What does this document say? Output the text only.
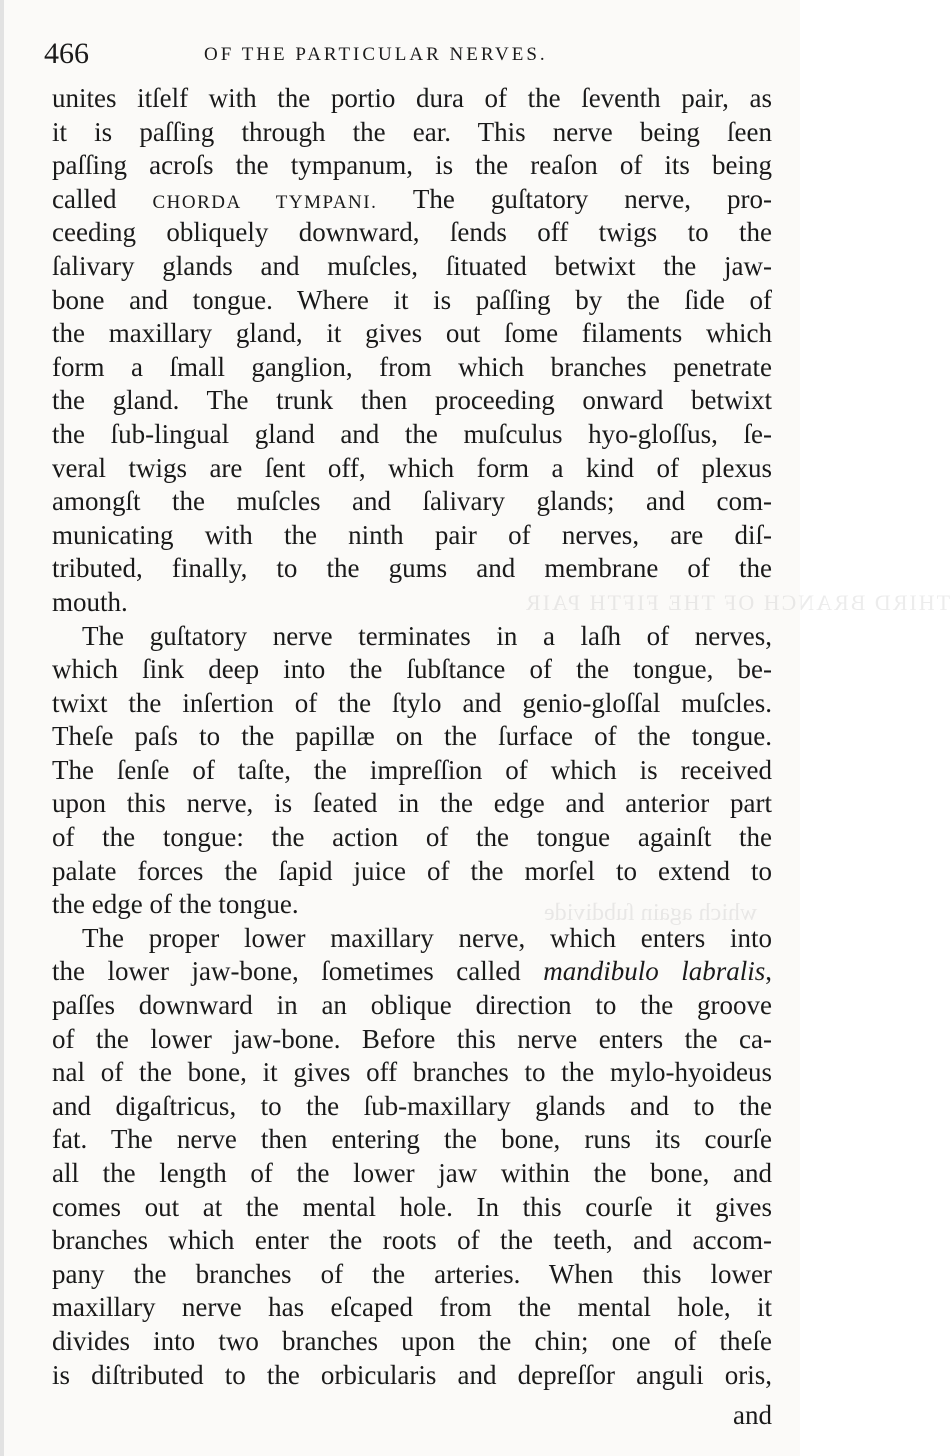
THIRD BRANCH OF THE FIFTH PAIR
which again ſubdivide
466	OF THE PARTICULAR NERVES.
unites itſelf with the portio dura of the ſeventh pair, as
it is paſſing through the ear. This nerve being ſeen
paſſing acroſs the tympanum, is the reaſon of its being
called CHORDA TYMPANI. The guſtatory nerve, pro-
ceeding obliquely downward, ſends off twigs to the
ſalivary glands and muſcles, ſituated betwixt the jaw-
bone and tongue. Where it is paſſing by the ſide of
the maxillary gland, it gives out ſome filaments which
form a ſmall ganglion, from which branches penetrate
the gland. The trunk then proceeding onward betwixt
the ſub-lingual gland and the muſculus hyo-gloſſus, ſe-
veral twigs are ſent off, which form a kind of plexus
amongſt the muſcles and ſalivary glands; and com-
municating with the ninth pair of nerves, are diſ-
tributed, finally, to the gums and membrane of the
mouth.
The guſtatory nerve terminates in a laſh of nerves,
which ſink deep into the ſubſtance of the tongue, be-
twixt the inſertion of the ſtylo and genio-gloſſal muſcles.
Theſe paſs to the papillæ on the ſurface of the tongue.
The ſenſe of taſte, the impreſſion of which is received
upon this nerve, is ſeated in the edge and anterior part
of the tongue: the action of the tongue againſt the
palate forces the ſapid juice of the morſel to extend to
the edge of the tongue.
The proper lower maxillary nerve, which enters into
the lower jaw-bone, ſometimes called mandibulo labralis,
paſſes downward in an oblique direction to the groove
of the lower jaw-bone. Before this nerve enters the ca-
nal of the bone, it gives off branches to the mylo-hyoideus
and digaſtricus, to the ſub-maxillary glands and to the
fat. The nerve then entering the bone, runs its courſe
all the length of the lower jaw within the bone, and
comes out at the mental hole. In this courſe it gives
branches which enter the roots of the teeth, and accom-
pany the branches of the arteries. When this lower
maxillary nerve has eſcaped from the mental hole, it
divides into two branches upon the chin; one of theſe
is diſtributed to the orbicularis and depreſſor anguli oris,
and
